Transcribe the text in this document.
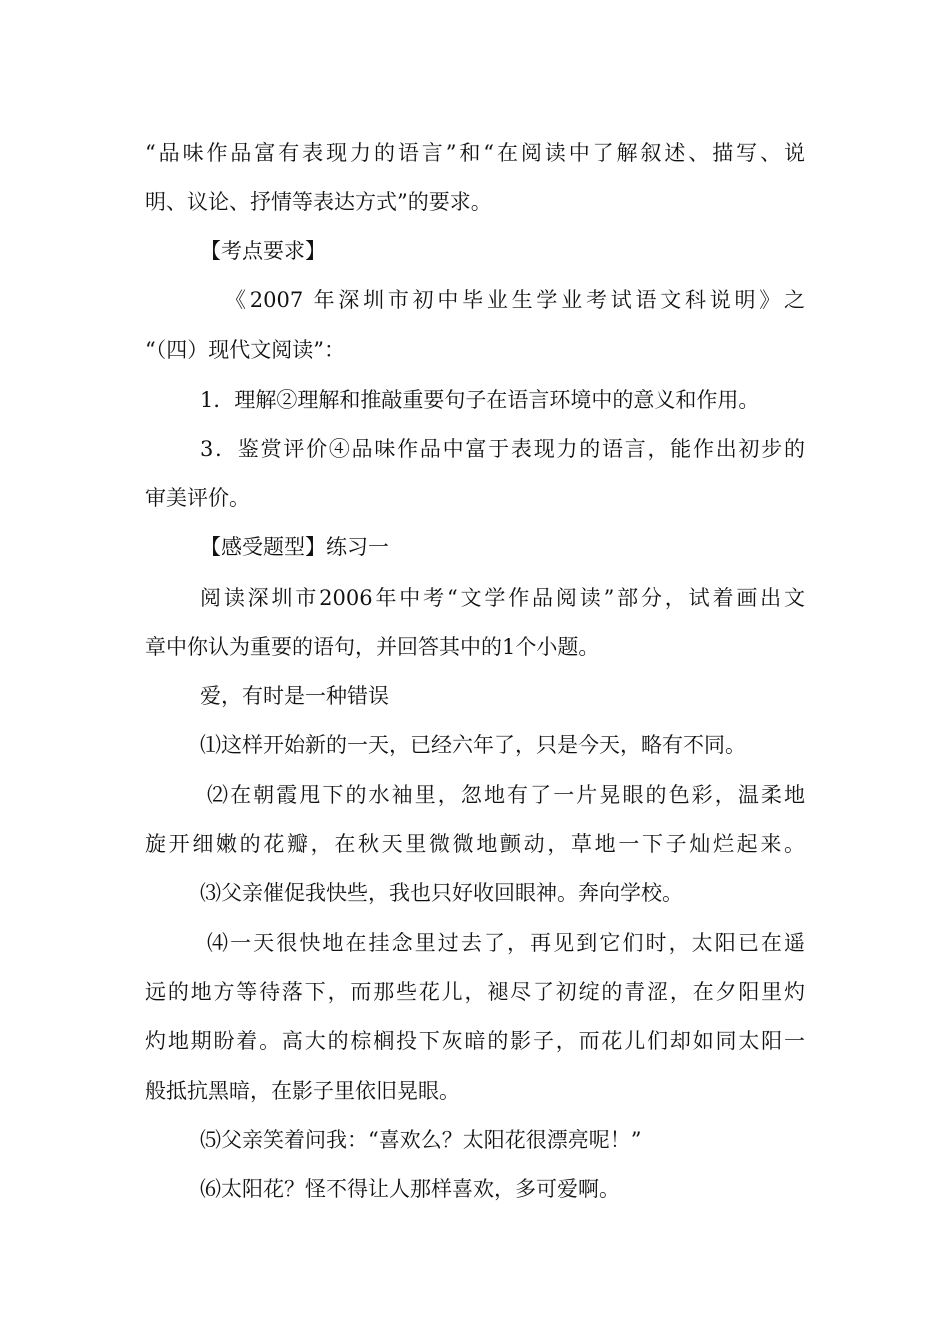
“品味作品富有表现力的语言”和“在阅读中了解叙述、描写、说
明、议论、抒情等表达方式”的要求。
【考点要求】
《2007 年深圳市初中毕业生学业考试语文科说明》之
“（四）现代文阅读”：
1．理解②理解和推敲重要句子在语言环境中的意义和作用。
3．鉴赏评价④品味作品中富于表现力的语言，能作出初步的
审美评价。
【感受题型】练习一
阅读深圳市2006年中考“文学作品阅读”部分，试着画出文
章中你认为重要的语句，并回答其中的1个小题。
爱，有时是一种错误
⑴这样开始新的一天，已经六年了，只是今天，略有不同。
⑵在朝霞甩下的水袖里，忽地有了一片晃眼的色彩，温柔地
旋开细嫩的花瓣，在秋天里微微地颤动，草地一下子灿烂起来。
⑶父亲催促我快些，我也只好收回眼神。奔向学校。
⑷一天很快地在挂念里过去了，再见到它们时，太阳已在遥
远的地方等待落下，而那些花儿，褪尽了初绽的青涩，在夕阳里灼
灼地期盼着。高大的棕榈投下灰暗的影子，而花儿们却如同太阳一
般抵抗黑暗，在影子里依旧晃眼。
⑸父亲笑着问我：“喜欢么？太阳花很漂亮呢！”
⑹太阳花？怪不得让人那样喜欢，多可爱啊。
